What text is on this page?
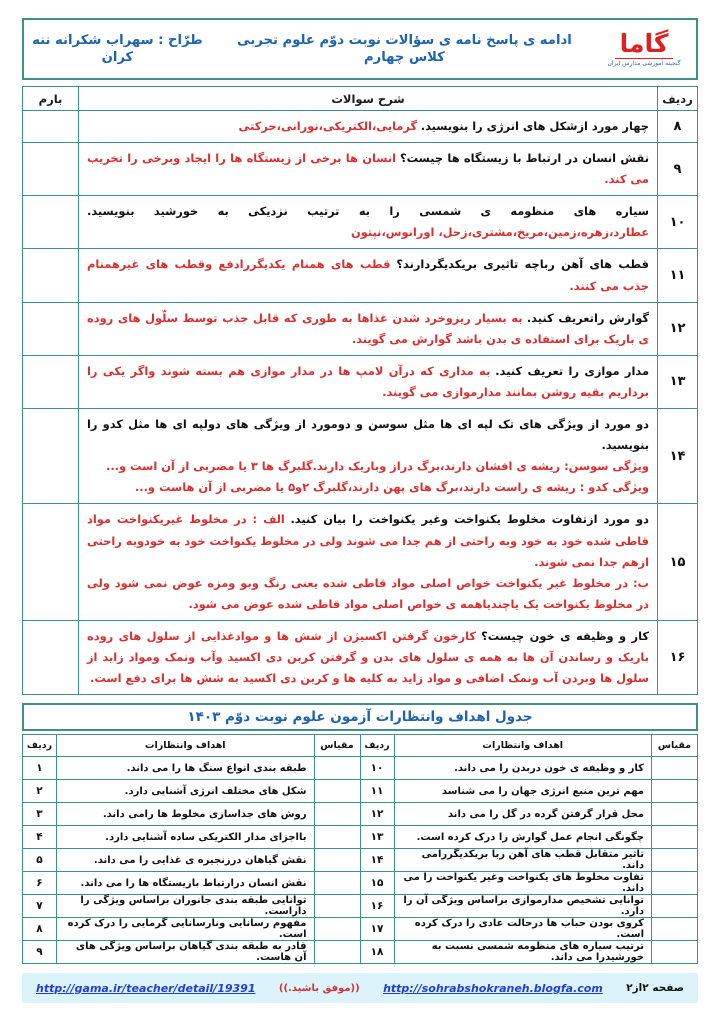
گاما
گنجینه آموزشی مدارس ایران
ادامه ی پاسخ نامه ی سؤالات نوبت دوّم علوم تجربی کلاس چهارم
طرّاح : سهراب شکرانه ننه کران
ردیف	شرح سوالات	بارم
۸	چهار مورد ازشکل های انرژی را بنویسید. گرمایی،الکتریکی،نورانی،حرکتی	

۹	نقش انسان در ارتباط با زیستگاه ها چیست؟ انسان ها برخی از زیستگاه ها را ایجاد وبرخی را تخریب می کند.	

۱۰	سیاره های منظومه ی شمسی را به ترتیب نزدیکی به خورشید بنویسید. عطارد،زهره،زمین،مریخ،مشتری،زحل، اورانوس،نپتون	

۱۱	قطب های آهن رباچه تاثیری بریکدیگردارند؟ قطب های همنام یکدیگررادفع وقطب های غیرهمنام جذب می کنند.	

۱۲	گوارش راتعریف کنید. به بسیار ریزوخرد شدن غذاها به طوری که قابل جذب توسط سلّول های روده ی باریک برای استفاده ی بدن باشد گوارش می گویند.	

۱۳	مدار موازی را تعریف کنید. به مداری که درآن لامپ ها در مدار موازی هم بسته شوند واگر یکی را برداریم بقیه روشن بمانند مدارموازی می گویند.	

۱۴	دو مورد از ویژگی های تک لپه ای ها مثل سوسن و دومورد از ویژگی های دولپه ای ها مثل کدو را بنویسید.
ویژگی سوسن: ریشه ی افشان دارند،برگ دراز وباریک دارند.گلبرگ ها ۳ یا مضربی از آن است و...
ویژگی کدو : ریشه ی راست دارند،برگ های پهن دارند،گلبرگ ۲و۵ یا مضربی از آن هاست و...	

۱۵	دو مورد ازتفاوت مخلوط یکنواخت وغیر یکنواخت را بیان کنید. الف : در مخلوط غیریکنواخت مواد قاطی شده خود به خود وبه راحتی از هم جدا می شوند ولی در مخلوط یکنواخت خود به خودوبه راحتی ازهم جدا نمی شوند.
ب: در مخلوط غیر یکنواخت خواص اصلی مواد قاطی شده یعنی رنگ وبو ومزه عوض نمی شود ولی در مخلوط یکنواخت یک یاچندیاهمه ی خواص اصلی مواد قاطی شده عوض می شود.	

۱۶	کار و وظیفه ی خون چیست؟ کارخون گرفتن اکسیژن از شش ها و موادغذایی از سلول های روده باریک و رساندن آن ها به همه ی سلول های بدن و گرفتن کربن دی اکسید وآب ونمک ومواد زاید از سلول ها وبردن آب ونمک اضافی و مواد زاید به کلیه ها و کربن دی اکسید به شش ها برای دفع است.	

جدول اهداف وانتظارات آزمون علوم نوبت دوّم ۱۴۰۳
مقیاس	اهداف وانتظارات	ردیف	مقیاس	اهداف وانتظارات	ردیف
	کار و وظیفه ی خون دربدن را می داند.	۱۰		طبقه بندی انواع سنگ ها را می داند.	۱
	مهم ترین منبع انرژی جهان را می شناسد	۱۱		شکل های مختلف انرژی آشنایی دارد.	۲
	محل قرار گرفتن گرده در گل را می داند	۱۲		روش های جداسازی مخلوط ها رامی داند.	۳
	چگونگی انجام عمل گوارش را درک کرده است.	۱۳		بااجزای مدار الکتریکی ساده آشنایی دارد.	۴
	تاثیر متقابل قطب های آهن ربا بریکدیگررامی داند.	۱۴		نقش گیاهان درزنجیره ی غذایی را می داند.	۵
	تفاوت مخلوط های یکنواخت وغیر یکنواخت را می داند.	۱۵		نقش انسان درارتباط بازیستگاه ها را می داند.	۶
	توانایی تشخیص مدارموازی براساس ویژگی آن را دارد.	۱۶		توانایی طبقه بندی جانوران براساس ویژگی را داراست.	۷
	کروی بودن حباب ها درحالت عادی را درک کرده است.	۱۷		مفهوم رسانایی ونارسانایی گرمایی را درک کرده است.	۸
	ترتیب سیاره های منظومه شمسی نسبت به خورشیدرا می داند.	۱۸		قادر به طبقه بندی گیاهان براساس ویژگی های آن هاست.	۹
http://gama.ir/teacher/detail/19391 ((موفق باشید.)) http://sohrabshokraneh.blogfa.com صفحه ۲از۲
